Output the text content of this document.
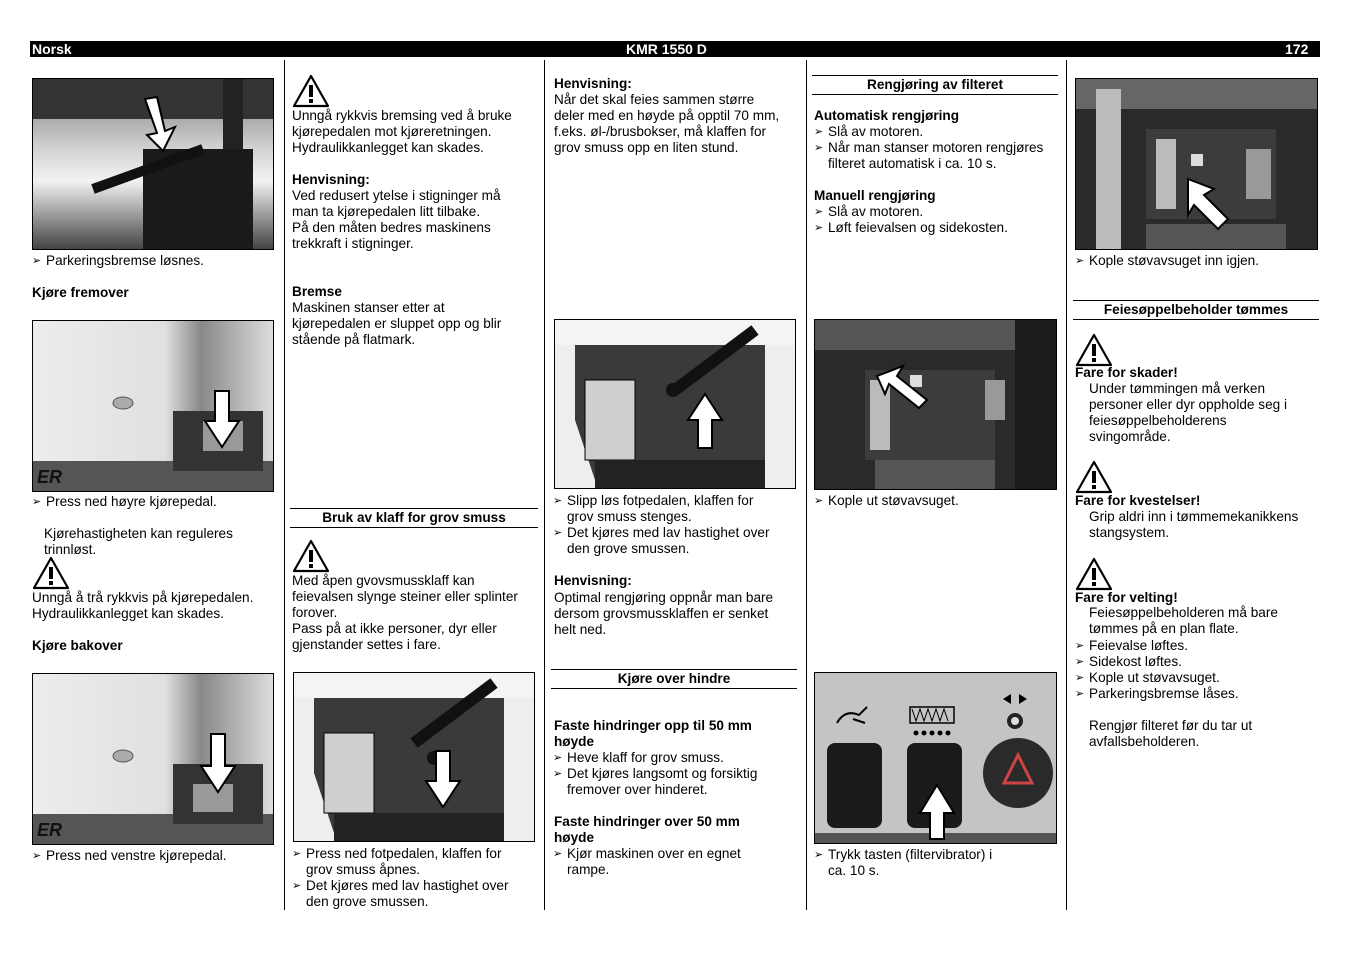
Norsk	KMR 1550 D	172
➢ Parkeringsbremse løsnes.
Kjøre fremover
ER
➢ Press ned høyre kjørepedal.
Kjørehastigheten kan reguleres
trinnløst.
Unngå å trå rykkvis på kjørepedalen.
Hydraulikkanlegget kan skades.
Kjøre bakover
ER
➢ Press ned venstre kjørepedal.
Unngå rykkvis bremsing ved å bruke
kjørepedalen mot kjøreretningen.
Hydraulikkanlegget kan skades.
Henvisning:
Ved redusert ytelse i stigninger må
man ta kjørepedalen litt tilbake.
På den måten bedres maskinens
trekkraft i stigninger.
Bremse
Maskinen stanser etter at
kjørepedalen er sluppet opp og blir
stående på flatmark.
Bruk av klaff for grov smuss
Med åpen gvovsmussklaff kan
feievalsen slynge steiner eller splinter
forover.
Pass på at ikke personer, dyr eller
gjenstander settes i fare.
➢ Press ned fotpedalen, klaffen for
grov smuss åpnes.
➢ Det kjøres med lav hastighet over
den grove smussen.
Henvisning:
Når det skal feies sammen større
deler med en høyde på opptil 70 mm,
f.eks. øl-/brusbokser, må klaffen for
grov smuss opp en liten stund.
➢ Slipp løs fotpedalen, klaffen for
grov smuss stenges.
➢ Det kjøres med lav hastighet over
den grove smussen.
Henvisning:
Optimal rengjøring oppnår man bare
dersom grovsmussklaffen er senket
helt ned.
Kjøre over hindre
Faste hindringer opp til 50 mm
høyde
➢ Heve klaff for grov smuss.
➢ Det kjøres langsomt og forsiktig
fremover over hinderet.
Faste hindringer over 50 mm
høyde
➢ Kjør maskinen over en egnet
rampe.
Rengjøring av filteret
Automatisk rengjøring
➢ Slå av motoren.
➢ Når man stanser motoren rengjøres
filteret automatisk i ca. 10 s.
Manuell rengjøring
➢ Slå av motoren.
➢ Løft feievalsen og sidekosten.
➢ Kople ut støvavsuget.
➢ Trykk tasten (filtervibrator) i
ca. 10 s.
➢ Kople støvavsuget inn igjen.
Feiesøppelbeholder tømmes
Fare for skader!
Under tømmingen må verken
personer eller dyr oppholde seg i
feiesøppelbeholderens
svingområde.
Fare for kvestelser!
Grip aldri inn i tømmemekanikkens
stangsystem.
Fare for velting!
Feiesøppelbeholderen må bare
tømmes på en plan flate.
➢ Feievalse løftes.
➢ Sidekost løftes.
➢ Kople ut støvavsuget.
➢ Parkeringsbremse låses.
Rengjør filteret før du tar ut
avfallsbeholderen.
